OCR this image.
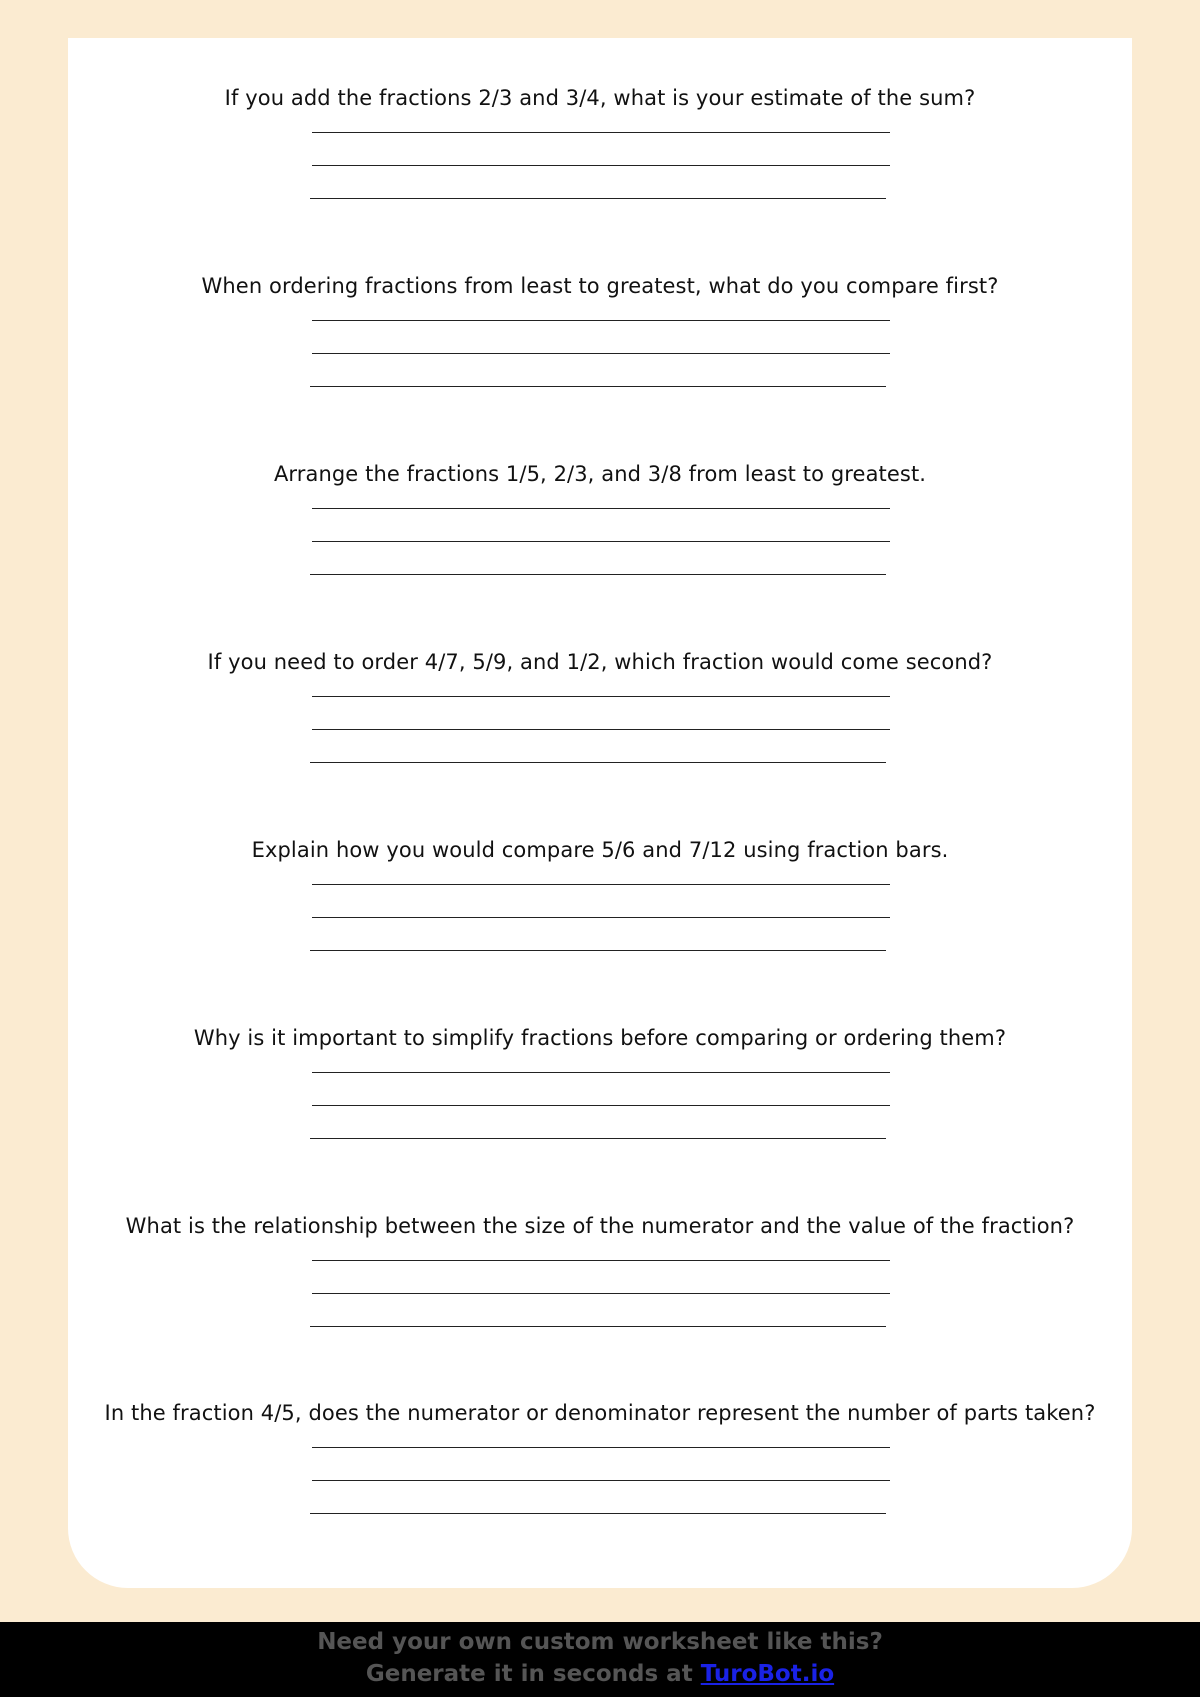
If you add the fractions 2/3 and 3/4, what is your estimate of the sum?

When ordering fractions from least to greatest, what do you compare first?

Arrange the fractions 1/5, 2/3, and 3/8 from least to greatest.

If you need to order 4/7, 5/9, and 1/2, which fraction would come second?

Explain how you would compare 5/6 and 7/12 using fraction bars.

Why is it important to simplify fractions before comparing or ordering them?

What is the relationship between the size of the numerator and the value of the fraction?

In the fraction 4/5, does the numerator or denominator represent the number of parts taken?

Need your own custom worksheet like this?
Generate it in seconds at TuroBot.io
